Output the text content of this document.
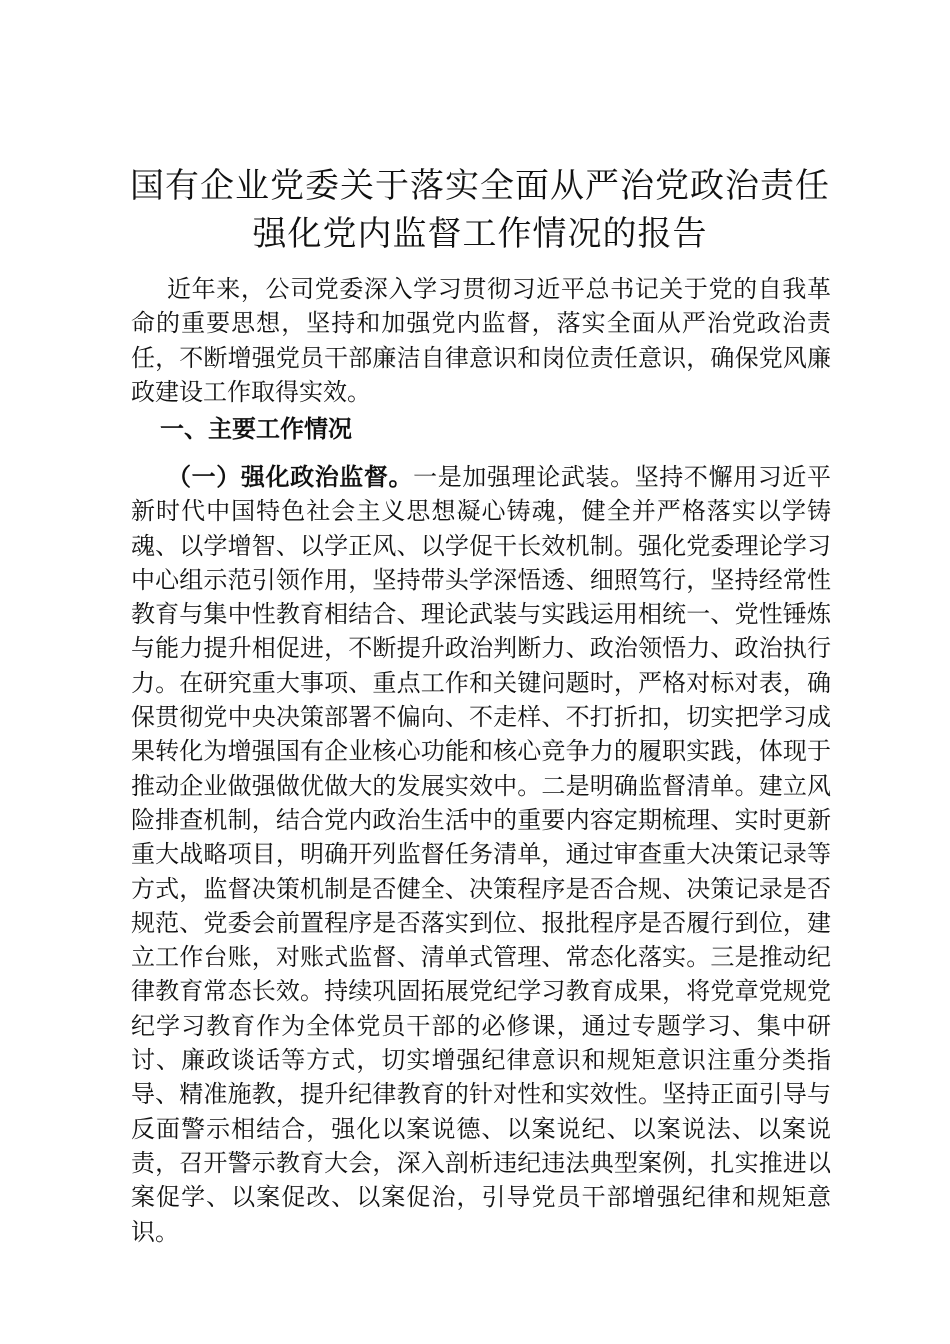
国有企业党委关于落实全面从严治党政治责任
强化党内监督工作情况的报告

近年来，公司党委深入学习贯彻习近平总书记关于党的自我革命的重要思想，坚持和加强党内监督，落实全面从严治党政治责任，不断增强党员干部廉洁自律意识和岗位责任意识，确保党风廉政建设工作取得实效。

一、主要工作情况

（一）强化政治监督。一是加强理论武装。坚持不懈用习近平新时代中国特色社会主义思想凝心铸魂，健全并严格落实以学铸魂、以学增智、以学正风、以学促干长效机制。强化党委理论学习中心组示范引领作用，坚持带头学深悟透、细照笃行，坚持经常性教育与集中性教育相结合、理论武装与实践运用相统一、党性锤炼与能力提升相促进，不断提升政治判断力、政治领悟力、政治执行力。在研究重大事项、重点工作和关键问题时，严格对标对表，确保贯彻党中央决策部署不偏向、不走样、不打折扣，切实把学习成果转化为增强国有企业核心功能和核心竞争力的履职实践，体现于推动企业做强做优做大的发展实效中。二是明确监督清单。建立风险排查机制，结合党内政治生活中的重要内容定期梳理、实时更新重大战略项目，明确开列监督任务清单，通过审查重大决策记录等方式，监督决策机制是否健全、决策程序是否合规、决策记录是否规范、党委会前置程序是否落实到位、报批程序是否履行到位，建立工作台账，对账式监督、清单式管理、常态化落实。三是推动纪律教育常态长效。持续巩固拓展党纪学习教育成果，将党章党规党纪学习教育作为全体党员干部的必修课，通过专题学习、集中研讨、廉政谈话等方式，切实增强纪律意识和规矩意识注重分类指导、精准施教，提升纪律教育的针对性和实效性。坚持正面引导与反面警示相结合，强化以案说德、以案说纪、以案说法、以案说责，召开警示教育大会，深入剖析违纪违法典型案例，扎实推进以案促学、以案促改、以案促治，引导党员干部增强纪律和规矩意识。
